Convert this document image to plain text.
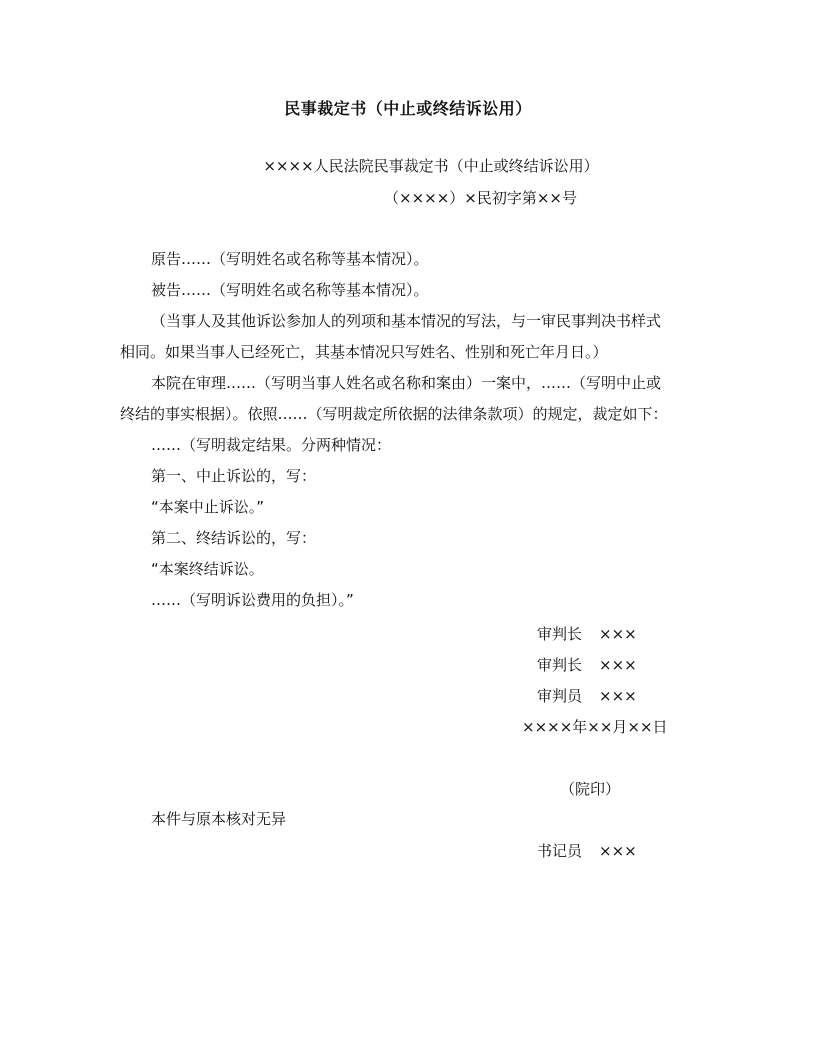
民事裁定书（中止或终结诉讼用）
××××人民法院民事裁定书（中止或终结诉讼用）
（××××）×民初字第××号
原告……（写明姓名或名称等基本情况）。
被告……（写明姓名或名称等基本情况）。
（当事人及其他诉讼参加人的列项和基本情况的写法，与一审民事判决书样式
相同。如果当事人已经死亡，其基本情况只写姓名、性别和死亡年月日。）
本院在审理……（写明当事人姓名或名称和案由）一案中，……（写明中止或
终结的事实根据）。依照……（写明裁定所依据的法律条款项）的规定，裁定如下：
……（写明裁定结果。分两种情况：
第一、中止诉讼的，写：
“本案中止诉讼。”
第二、终结诉讼的，写：
“本案终结诉讼。
……（写明诉讼费用的负担）。”
审判长 ×××
审判长 ×××
审判员 ×××
××××年××月××日
（院印）
本件与原本核对无异
书记员 ×××
